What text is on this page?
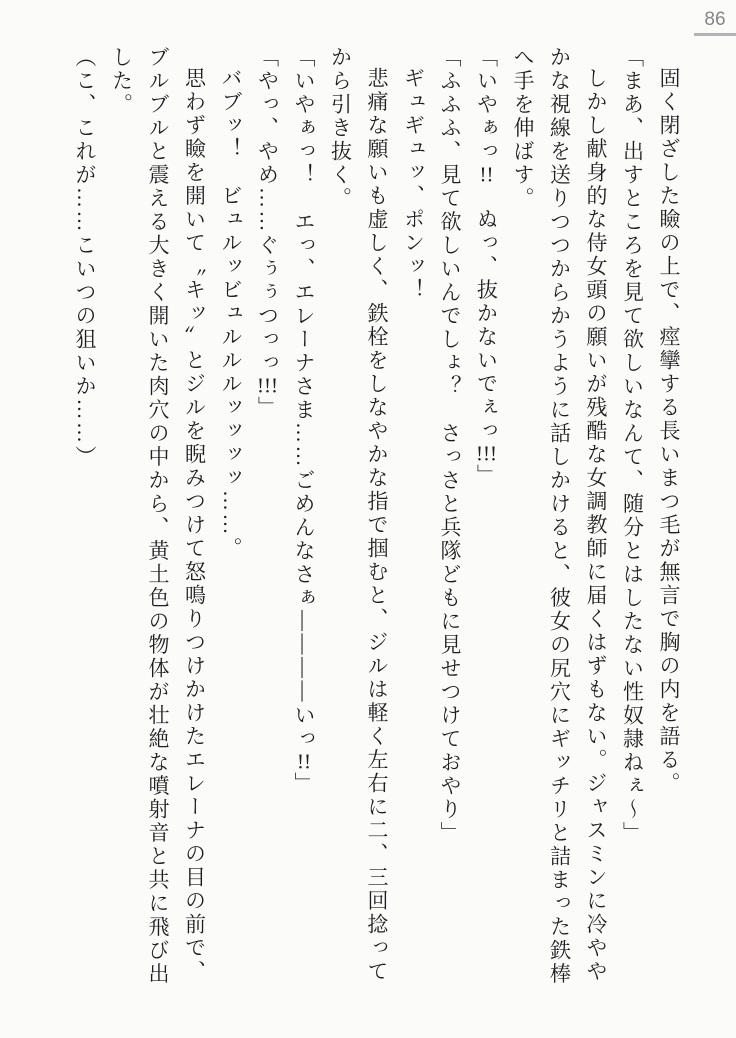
86

固く閉ざした瞼の上で、痙攣する長いまつ毛が無言で胸の内を語る。

「まあ、出すところを見て欲しいなんて、随分とはしたない性奴隷ねぇ～」

しかし献身的な侍女頭の願いが残酷な女調教師に届くはずもない。ジャスミンに冷やや

かな視線を送りつつからかうように話しかけると、彼女の尻穴にギッチリと詰まった鉄棒

へ手を伸ばす。

「いやぁっ!!　ぬっ、抜かないでぇっ!!!」

「ふふふ、見て欲しいんでしょ？　さっさと兵隊どもに見せつけておやり」

ギュギュッ、ポンッ！

悲痛な願いも虚しく、鉄栓をしなやかな指で掴むと、ジルは軽く左右に二、三回捻って

から引き抜く。

「いやぁっ！　エっ、エレーナさま……ごめんなさぁ――――いっ!!」

「やっ、やめ……ぐぅぅつっっ!!!」

バブッ！　ビュルッビュルルルッッッッ……。

思わず瞼を開いて〝キッ〟とジルを睨みつけて怒鳴りつけかけたエレーナの目の前で、

ブルブルと震える大きく開いた肉穴の中から、黄土色の物体が壮絶な噴射音と共に飛び出

した。

（こ、これが……こいつの狙いか……）
